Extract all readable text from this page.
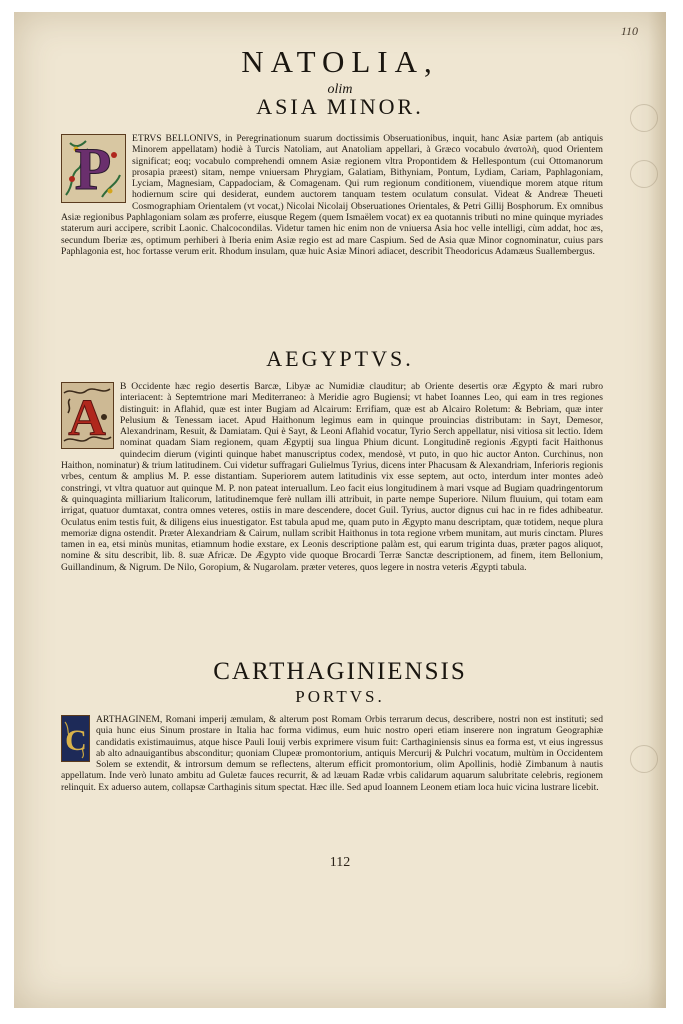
110
NATOLIA,
olim
ASIA MINOR.
P ETRVS BELLONIVS, in Peregrinationum suarum doctissimis Obseruationibus, inquit, hanc Asiæ partem (ab antiquis Minorem appellatam) hodiè à Turcis Natoliam, aut Anatoliam appellari, à Græco vocabulo ἀνατολὴ, quod Orientem significat; eoq; vocabulo comprehendi omnem Asiæ regionem vltra Propontidem & Hellespontum (cui Ottomanorum prosapia præest) sitam, nempe vniuersam Phrygiam, Galatiam, Bithyniam, Pontum, Lydiam, Cariam, Paphlagoniam, Lyciam, Magnesiam, Cappadociam, & Comagenam. Qui rum regionum conditionem, viuendique morem atque ritum hodiernum scire qui desiderat, eundem auctorem tanquam testem oculatum consulat. Videat & Andreæ Theueti Cosmographiam Orientalem (vt vocat,) Nicolai Nicolaij Obseruationes Orientales, & Petri Gillij Bosphorum. Ex omnibus Asiæ regionibus Paphlagoniam solam æs proferre, eiusque Regem (quem Ismaëlem vocat) ex ea quotannis tributi no mine quinque myriades staterum auri accipere, scribit Laonic. Chalcocondilas. Videtur tamen hic enim non de vniuersa Asia hoc velle intelligi, cùm addat, hoc æs, secundum Iberiæ æs, optimum perhiberi à Iberia enim Asiæ regio est ad mare Caspium. Sed de Asia quæ Minor cognominatur, cuius pars Paphlagonia est, hoc fortasse verum erit. Rhodum insulam, quæ huic Asiæ Minori adiacet, describit Theodoricus Adamæus Suallembergus.
AEGYPTVS.
A
B Occidente hæc regio desertis Barcæ, Libyæ ac Numidiæ clauditur; ab Oriente desertis oræ Ægypto & mari rubro interiacent: à Septemtrione mari Mediterraneo: à Meridie agro Bugiensi; vt habet Ioannes Leo, qui eam in tres regiones distinguit: in Aflahid, quæ est inter Bugiam ad Alcairum: Errifiam, quæ est ab Alcairo Roletum: & Bebriam, quæ inter Pelusium & Tenessam iacet. Apud Haithonum legimus eam in quinque prouincias distributam: in Sayt, Demesor, Alexandrinam, Resuit, & Damiatam. Qui è Sayt, & Leoni Aflahid vocatur, Tyrio Serch appellatur, nisi vitiosa sit lectio. Idem nominat quadam Siam regionem, quam Ægyptij sua lingua Phium dicunt. Longitudinē regionis Ægypti facit Haithonus quindecim dierum (viginti quinque habet manuscriptus codex, mendosè, vt puto, in quo hic auctor Anton. Curchinus, non Haithon, nominatur) & trium latitudinem. Cui videtur suffragari Gulielmus Tyrius, dicens inter Phacusam & Alexandriam, Inferioris regionis vrbes, centum & amplius M. P. esse distantiam. Superiorem autem latitudinis vix esse septem, aut octo, interdum inter montes adeò constringi, vt vltra quatuor aut quinque M. P. non pateat interuallum. Leo facit eius longitudinem à mari vsque ad Bugiam quadringentorum & quinquaginta milliarium Italicorum, latitudinemque ferè nullam illi attribuit, in parte nempe Superiore. Nilum fluuium, qui totam eam irrigat, quatuor dumtaxat, contra omnes veteres, ostiis in mare descendere, docet Guil. Tyrius, auctor dignus cui hac in re fides adhibeatur. Oculatus enim testis fuit, & diligens eius inuestigator. Est tabula apud me, quam puto in Ægypto manu descriptam, quæ totidem, neque plura memoriæ digna ostendit. Præter Alexandriam & Cairum, nullam scribit Haithonus in tota regione vrbem munitam, aut muris cinctam. Plures tamen in ea, etsi minùs munitas, etiamnum hodie exstare, ex Leonis descriptione palàm est, qui earum triginta duas, præter pagos aliquot, nomine & situ describit, lib. 8. suæ Africæ. De Ægypto vide quoque Brocardi Terræ Sanctæ descriptionem, ad finem, item Bellonium, Guillandinum, & Nigrum. De Nilo, Goropium, & Nugarolam. præter veteres, quos legere in nostra veteris Ægypti tabula.
CARTHAGINIENSIS
PORTVS.
C
ARTHAGINEM, Romani imperij æmulam, & alterum post Romam Orbis terrarum decus, describere, nostri non est instituti; sed quia hunc eius Sinum prostare in Italia hac forma vidimus, eum huic nostro operi etiam inserere non ingratum Geographiæ candidatis existimauimus, atque hisce Pauli Iouij verbis exprimere visum fuit: Carthaginiensis sinus ea forma est, vt eius ingressus ab alto adnauigantibus absconditur; quoniam Clupeæ promontorium, antiquis Mercurij & Pulchri vocatum, multùm in Occidentem Solem se extendit, & introrsum demum se reflectens, alterum efficit promontorium, olim Apollinis, hodiè Zimbanum à nautis appellatum. Inde verò lunato ambitu ad Guletæ fauces recurrit, & ad læuam Radæ vrbis calidarum aquarum salubritate celebris, regionem relinquit. Ex aduerso autem, collapsæ Carthaginis situm spectat. Hæc ille. Sed apud Ioannem Leonem etiam loca huic vicina lustrare licebit.
112
